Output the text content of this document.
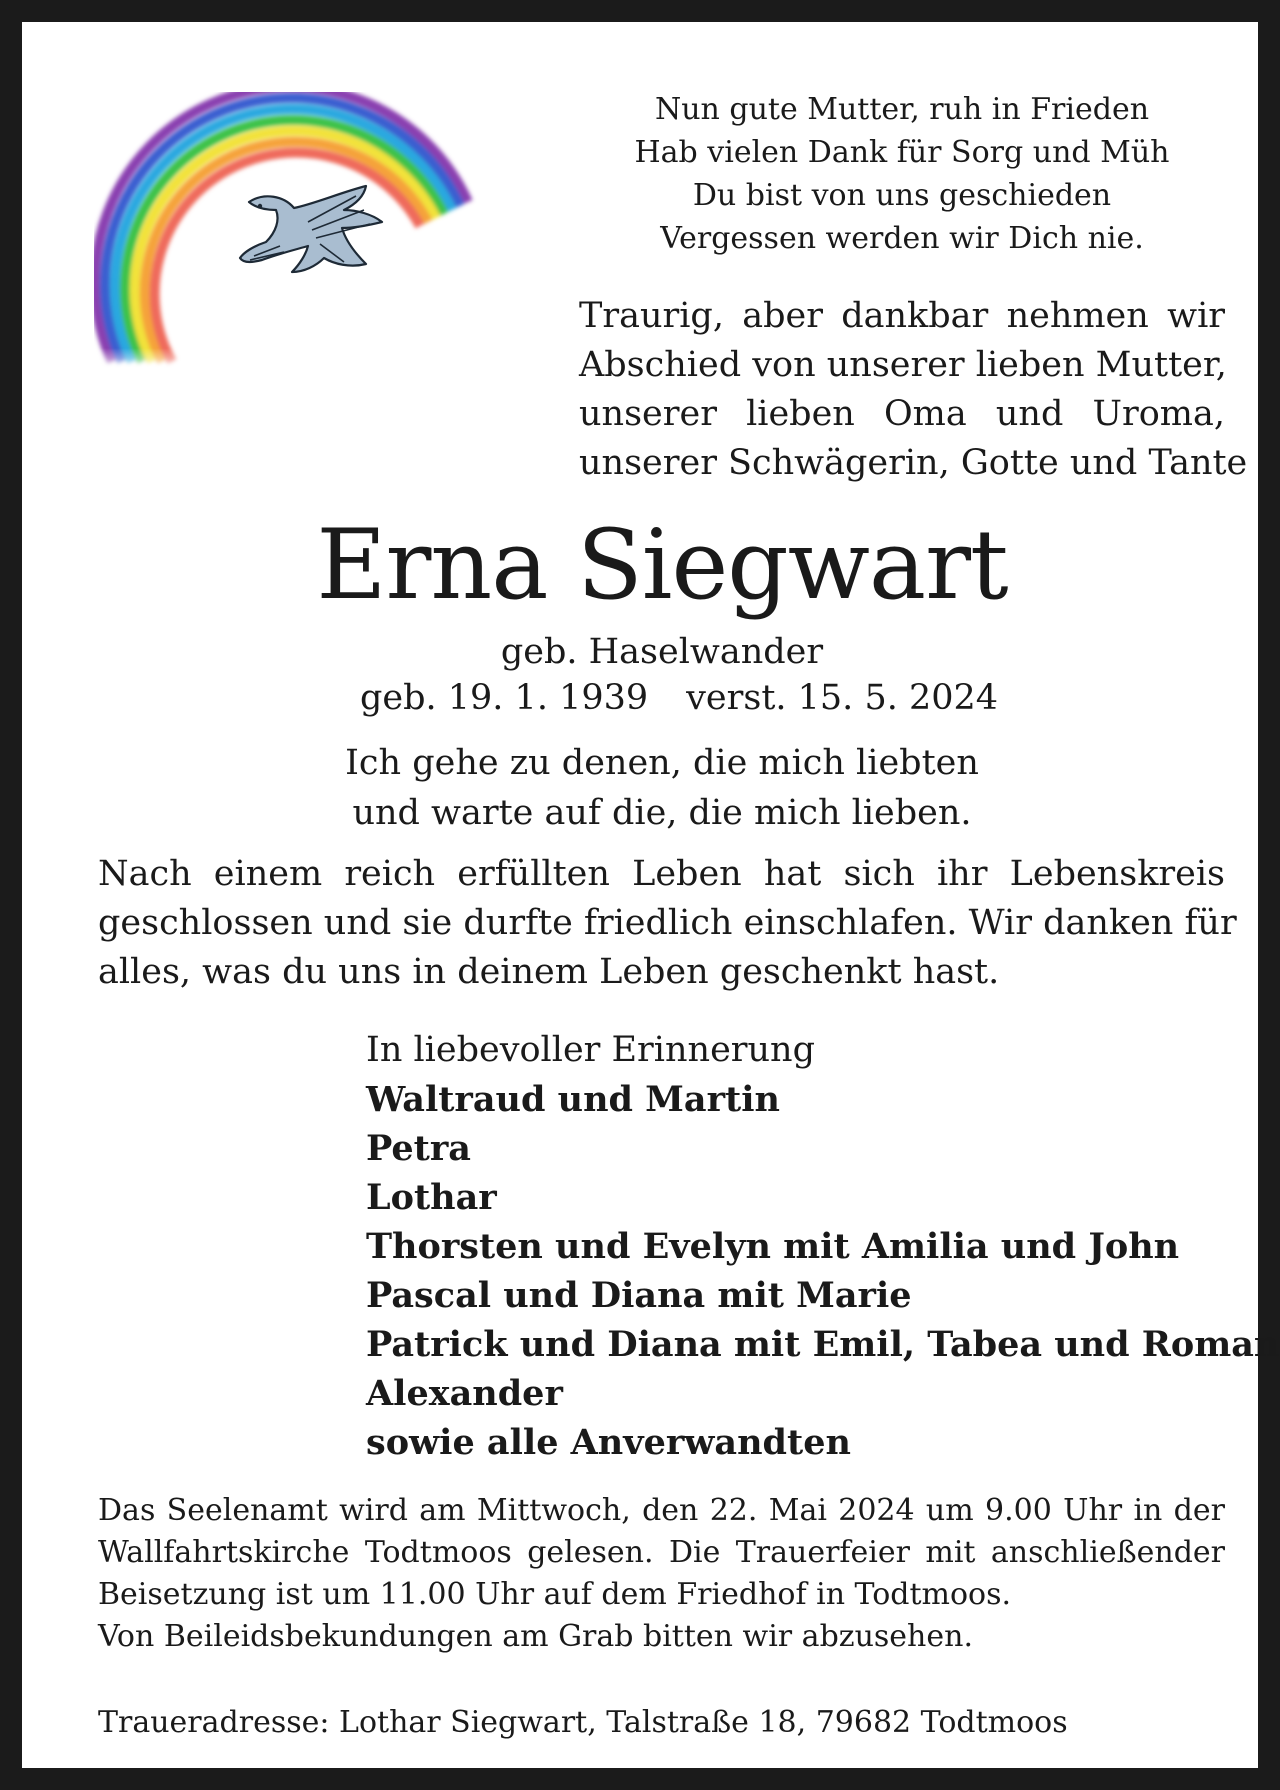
Nun gute Mutter, ruh in Frieden
Hab vielen Dank für Sorg und Müh
Du bist von uns geschieden
Vergessen werden wir Dich nie.
Traurig, aber dankbar nehmen wir
Abschied von unserer lieben Mutter,
unserer lieben Oma und Uroma,
unserer Schwägerin, Gotte und Tante
Erna Siegwart
geb. Haselwander
geb. 19. 1. 1939 verst. 15. 5. 2024
Ich gehe zu denen, die mich liebten
und warte auf die, die mich lieben.
Nach einem reich erfüllten Leben hat sich ihr Lebenskreis
geschlossen und sie durfte friedlich einschlafen. Wir danken für
alles, was du uns in deinem Leben geschenkt hast.
In liebevoller Erinnerung
Waltraud und Martin
Petra
Lothar
Thorsten und Evelyn mit Amilia und John
Pascal und Diana mit Marie
Patrick und Diana mit Emil, Tabea und Roman
Alexander
sowie alle Anverwandten
Das Seelenamt wird am Mittwoch, den 22. Mai 2024 um 9.00 Uhr in der
Wallfahrtskirche Todtmoos gelesen. Die Trauerfeier mit anschließender
Beisetzung ist um 11.00 Uhr auf dem Friedhof in Todtmoos.
Von Beileidsbekundungen am Grab bitten wir abzusehen.
Traueradresse: Lothar Siegwart, Talstraße 18, 79682 Todtmoos
